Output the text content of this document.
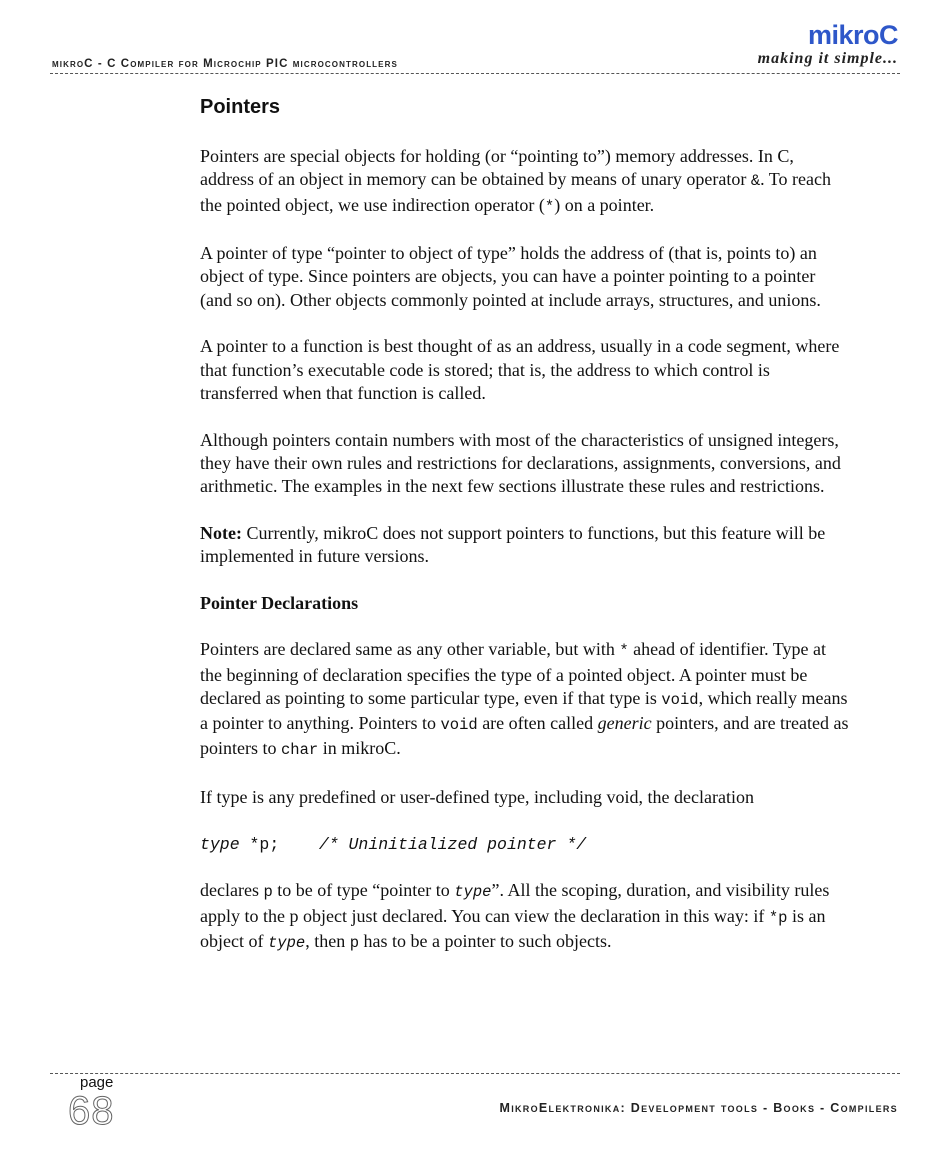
mikroC - C Compiler for Microchip PIC microcontrollers
mikroC
making it simple...
Pointers

Pointers are special objects for holding (or “pointing to”) memory addresses. In C, address of an object in memory can be obtained by means of unary operator &. To reach the pointed object, we use indirection operator (*) on a pointer.

A pointer of type “pointer to object of type” holds the address of (that is, points to) an object of type. Since pointers are objects, you can have a pointer pointing to a pointer (and so on). Other objects commonly pointed at include arrays, structures, and unions.

A pointer to a function is best thought of as an address, usually in a code segment, where that function’s executable code is stored; that is, the address to which control is transferred when that function is called.

Although pointers contain numbers with most of the characteristics of unsigned integers, they have their own rules and restrictions for declarations, assignments, conversions, and arithmetic. The examples in the next few sections illustrate these rules and restrictions.

Note: Currently, mikroC does not support pointers to functions, but this feature will be implemented in future versions.

Pointer Declarations

Pointers are declared same as any other variable, but with * ahead of identifier. Type at the beginning of declaration specifies the type of a pointed object. A pointer must be declared as pointing to some particular type, even if that type is void, which really means a pointer to anything. Pointers to void are often called generic pointers, and are treated as pointers to char in mikroC.

If type is any predefined or user-defined type, including void, the declaration

type *p;    /* Uninitialized pointer */

declares p to be of type “pointer to type”. All the scoping, duration, and visibility rules apply to the p object just declared. You can view the declaration in this way: if *p is an object of type, then p has to be a pointer to such objects.

page
68	MikroElektronika: Development tools - Books - Compilers
